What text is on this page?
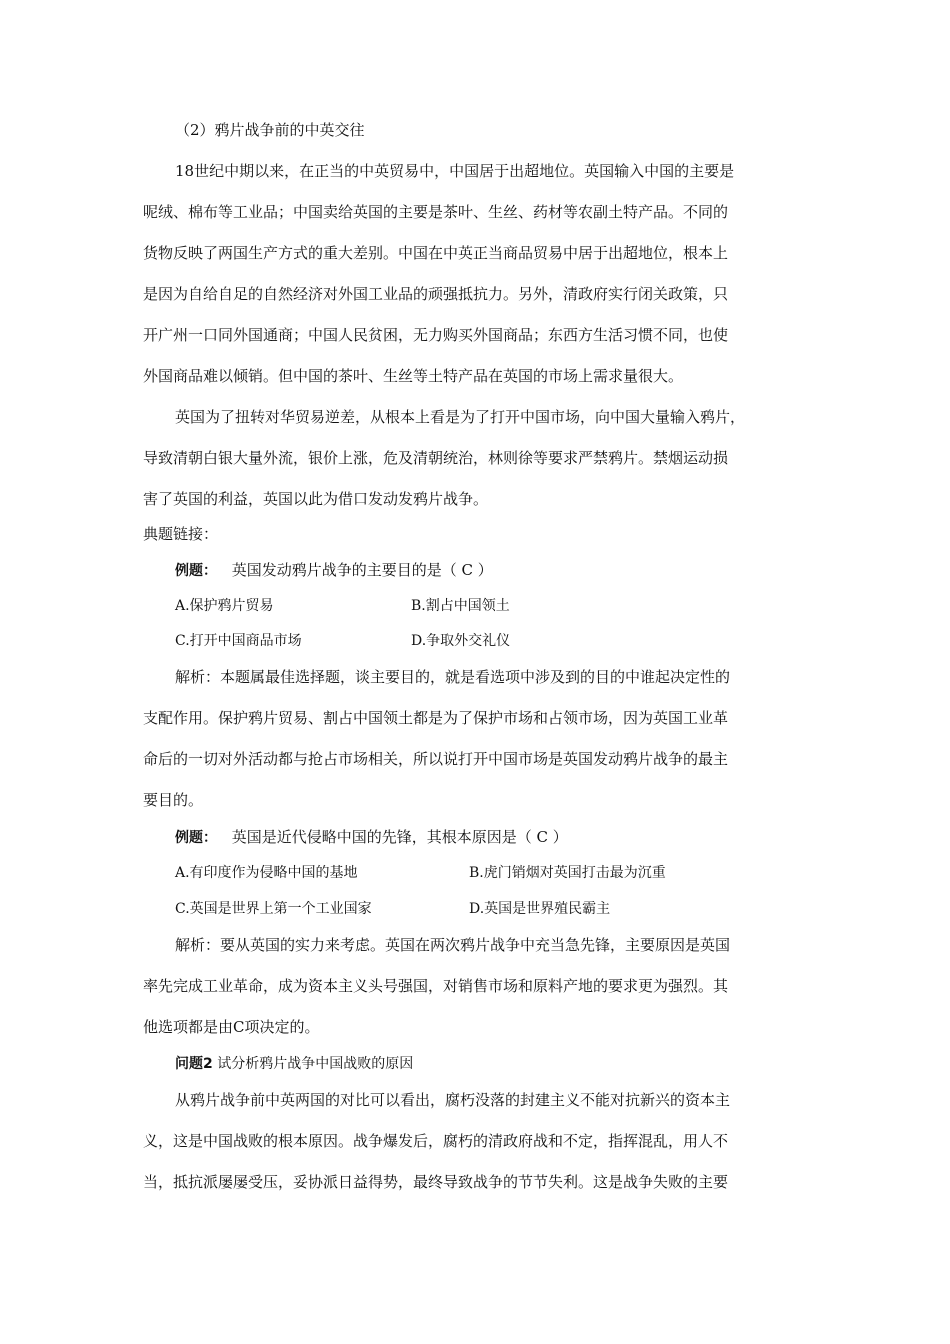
（2）鸦片战争前的中英交往
18世纪中期以来，在正当的中英贸易中，中国居于出超地位。英国输入中国的主要是
呢绒、棉布等工业品；中国卖给英国的主要是茶叶、生丝、药材等农副土特产品。不同的
货物反映了两国生产方式的重大差别。中国在中英正当商品贸易中居于出超地位，根本上
是因为自给自足的自然经济对外国工业品的顽强抵抗力。另外，清政府实行闭关政策，只
开广州一口同外国通商；中国人民贫困，无力购买外国商品；东西方生活习惯不同，也使
外国商品难以倾销。但中国的茶叶、生丝等土特产品在英国的市场上需求量很大。
英国为了扭转对华贸易逆差，从根本上看是为了打开中国市场，向中国大量输入鸦片，
导致清朝白银大量外流，银价上涨，危及清朝统治，林则徐等要求严禁鸦片。禁烟运动损
害了英国的利益，英国以此为借口发动发鸦片战争。
典题链接：
例题： 英国发动鸦片战争的主要目的是（ C ）
A.保护鸦片贸易	B.割占中国领土
C.打开中国商品市场	D.争取外交礼仪
解析：本题属最佳选择题，谈主要目的，就是看选项中涉及到的目的中谁起决定性的
支配作用。保护鸦片贸易、割占中国领土都是为了保护市场和占领市场，因为英国工业革
命后的一切对外活动都与抢占市场相关，所以说打开中国市场是英国发动鸦片战争的最主
要目的。
例题： 英国是近代侵略中国的先锋，其根本原因是（ C ）
A.有印度作为侵略中国的基地	B.虎门销烟对英国打击最为沉重
C.英国是世界上第一个工业国家	D.英国是世界殖民霸主
解析：要从英国的实力来考虑。英国在两次鸦片战争中充当急先锋，主要原因是英国
率先完成工业革命，成为资本主义头号强国，对销售市场和原料产地的要求更为强烈。其
他选项都是由C项决定的。
问题2 试分析鸦片战争中国战败的原因
从鸦片战争前中英两国的对比可以看出，腐朽没落的封建主义不能对抗新兴的资本主
义，这是中国战败的根本原因。战争爆发后，腐朽的清政府战和不定，指挥混乱，用人不
当，抵抗派屡屡受压，妥协派日益得势，最终导致战争的节节失利。这是战争失败的主要
